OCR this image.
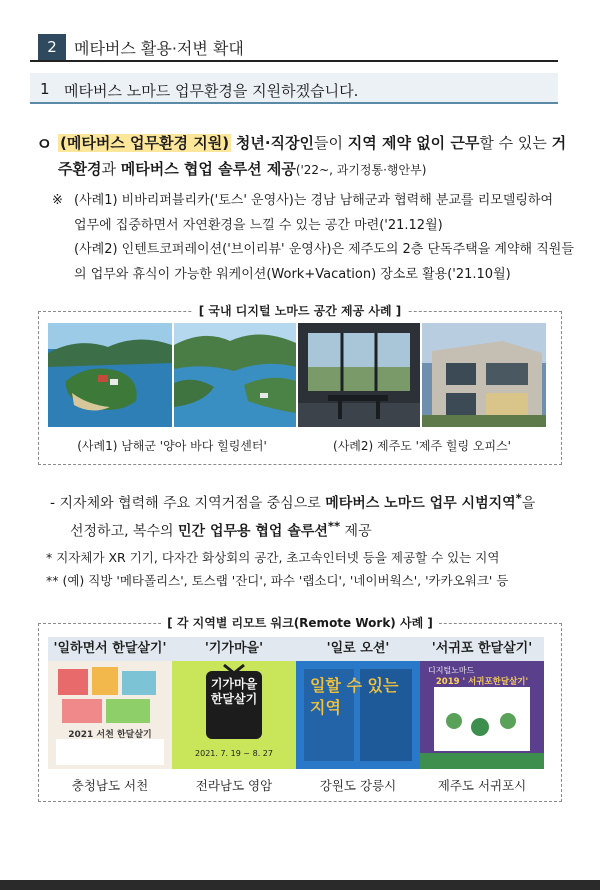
2	메타버스 활용·저변 확대
1 메타버스 노마드 업무환경을 지원하겠습니다.
ㅇ (메타버스 업무환경 지원) 청년·직장인들이 지역 제약 없이 근무할 수 있는 거주환경과 메타버스 협업 솔루션 제공('22~, 과기정통·행안부)
※ (사례1) 비바리퍼블리카('토스' 운영사)는 경남 남해군과 협력해 분교를 리모델링하여
업무에 집중하면서 자연환경을 느낄 수 있는 공간 마련('21.12월)
(사례2) 인텐트코퍼레이션('브이리뷰' 운영사)은 제주도의 2층 단독주택을 계약해 직원들
의 업무와 휴식이 가능한 워케이션(Work+Vacation) 장소로 활용('21.10월)
[ 국내 디지털 노마드 공간 제공 사례 ]
(사례1) 남해군 '양아 바다 힐링센터'	(사례2) 제주도 '제주 힐링 오피스'
- 지자체와 협력해 주요 지역거점을 중심으로 메타버스 노마드 업무 시범지역*을
선정하고, 복수의 민간 업무용 협업 솔루션** 제공
* 지자체가 XR 기기, 다자간 화상회의 공간, 초고속인터넷 등을 제공할 수 있는 지역
** (예) 직방 '메타폴리스', 토스랩 '잔디', 파수 '랩소디', '네이버웍스', '카카오워크' 등
[ 각 지역별 리모트 워크(Remote Work) 사례 ]
'일하면서 한달살기'	'기가마을'	'일로 오션'	'서귀포 한달살기'
2021 서천 한달살기
기가마을 한달살기
2021. 7. 19 ~ 8. 27
일할 수 있는 지역
디지털노마드
2019 ' 서귀포한달살기'
충청남도 서천	전라남도 영암	강원도 강릉시	제주도 서귀포시
